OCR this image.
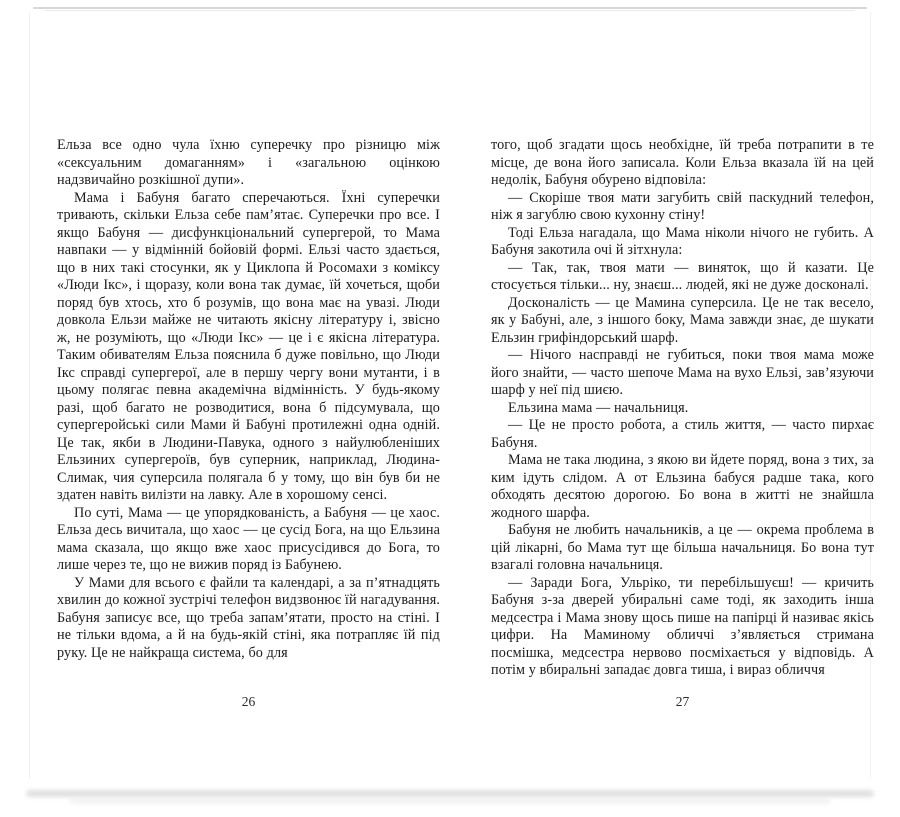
Ельза все одно чула їхню суперечку про різницю між «сексуальним домаганням» і «загальною оцінкою надзвичайно розкішної дупи».

Мама і Бабуня багато сперечаються. Їхні суперечки тривають, скільки Ельза себе пам’ятає. Суперечки про все. І якщо Бабуня — дисфункціональний супергерой, то Мама навпаки — у відмінній бойовій формі. Ельзі часто здається, що в них такі стосунки, як у Циклопа й Росомахи з коміксу «Люди Ікс», і щоразу, коли вона так думає, їй хочеться, щоби поряд був хтось, хто б розумів, що вона має на увазі. Люди довкола Ельзи майже не читають якісну літературу і, звісно ж, не розуміють, що «Люди Ікс» — це і є якісна література. Таким обивателям Ельза пояснила б дуже повільно, що Люди Ікс справді супергерої, але в першу чергу вони мутанти, і в цьому полягає певна академічна відмінність. У будь-якому разі, щоб багато не розводитися, вона б підсумувала, що супергеройські сили Мами й Бабуні протилежні одна одній. Це так, якби в Людини-Павука, одного з найулюбленіших Ельзиних супергероїв, був суперник, наприклад, Людина-Слимак, чия суперсила полягала б у тому, що він був би не здатен навіть вилізти на лавку. Але в хорошому сенсі.

По суті, Мама — це упорядкованість, а Бабуня — це хаос. Ельза десь вичитала, що хаос — це сусід Бога, на що Ельзина мама сказала, що якщо вже хаос присусідився до Бога, то лише через те, що не вижив поряд із Бабунею.

У Мами для всього є файли та календарі, а за п’ятнадцять хвилин до кожної зустрічі телефон видзвонює їй нагадування. Бабуня записує все, що треба запам’ятати, просто на стіні. І не тільки вдома, а й на будь-якій стіні, яка потрапляє їй під руку. Це не найкраща система, бо для

26

того, щоб згадати щось необхідне, їй треба потрапити в те місце, де вона його записала. Коли Ельза вказала їй на цей недолік, Бабуня обурено відповіла:

— Скоріше твоя мати загубить свій паскудний телефон, ніж я загублю свою кухонну стіну!

Тоді Ельза нагадала, що Мама ніколи нічого не губить. А Бабуня закотила очі й зітхнула:

— Так, так, твоя мати — виняток, що й казати. Це стосується тільки... ну, знаєш... людей, які не дуже досконалі.

Досконалість — це Мамина суперсила. Це не так весело, як у Бабуні, але, з іншого боку, Мама завжди знає, де шукати Ельзин грифіндорський шарф.

— Нічого насправді не губиться, поки твоя мама може його знайти, — часто шепоче Мама на вухо Ельзі, зав’язуючи шарф у неї під шиєю.

Ельзина мама — начальниця.

— Це не просто робота, а стиль життя, — часто пирхає Бабуня.

Мама не така людина, з якою ви йдете поряд, вона з тих, за ким ідуть слідом. А от Ельзина бабуся радше така, кого обходять десятою дорогою. Бо вона в житті не знайшла жодного шарфа.

Бабуня не любить начальників, а це — окрема проблема в цій лікарні, бо Мама тут ще більша начальниця. Бо вона тут взагалі головна начальниця.

— Заради Бога, Ульріко, ти перебільшуєш! — кричить Бабуня з-за дверей убиральні саме тоді, як заходить інша медсестра і Мама знову щось пише на папірці й називає якісь цифри. На Маминому обличчі з’являється стримана посмішка, медсестра нервово посміхається у відповідь. А потім у вбиральні западає довга тиша, і вираз обличчя

27
